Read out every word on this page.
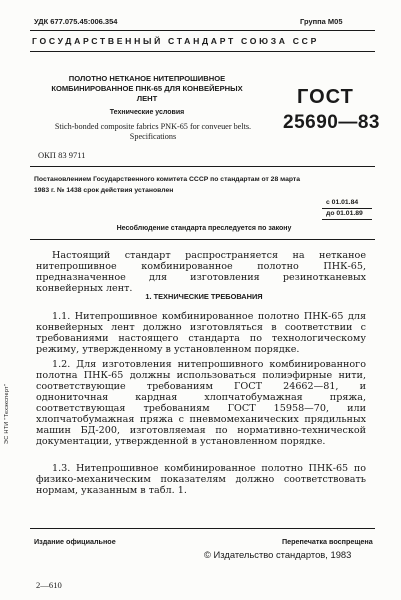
УДК 677.075.45:006.354	Группа М05
ГОСУДАРСТВЕННЫЙ СТАНДАРТ СОЮЗА ССР
ПОЛОТНО НЕТКАНОЕ НИТЕПРОШИВНОЕ
КОМБИНИРОВАННОЕ ПНК-65 ДЛЯ КОНВЕЙЕРНЫХ
ЛЕНТ
Технические условия
Stich-bonded composite fabrics PNK-65 for conveuer belts.
Specifications
ОКП 83 9711
ГОСТ
25690—83
Постановлением Государственного комитета СССР по стандартам от 28 марта
1983 г. № 1438 срок действия установлен
с 01.01.84
до 01.01.89
Несоблюдение стандарта преследуется по закону

Настоящий стандарт распространяется на нетканое нитепрошивное комбинированное полотно ПНК-65, предназначенное для изготовления резинотканевых конвейерных лент.

1. ТЕХНИЧЕСКИЕ ТРЕБОВАНИЯ

1.1. Нитепрошивное комбинированное полотно ПНК-65 для конвейерных лент должно изготовляться в соответствии с требованиями настоящего стандарта по технологическому режиму, утвержденному в установленном порядке.

1.2. Для изготовления нитепрошивного комбинированного полотна ПНК-65 должны использоваться полиэфирные нити, соответствующие требованиям ГОСТ 24662—81, и однониточная кардная хлопчатобумажная пряжа, соответствующая требованиям ГОСТ 15958—70, или хлопчатобумажная пряжа с пневмомеханических прядильных машин БД-200, изготовляемая по нормативно-технической документации, утвержденной в установленном порядке.

1.3. Нитепрошивное комбинированное полотно ПНК-65 по физико-механическим показателям должно соответствовать нормам, указанным в табл. 1.

ЭС НТИ "Техэксперт"
Издание официальное	Перепечатка воспрещена
© Издательство стандартов, 1983
2—610
